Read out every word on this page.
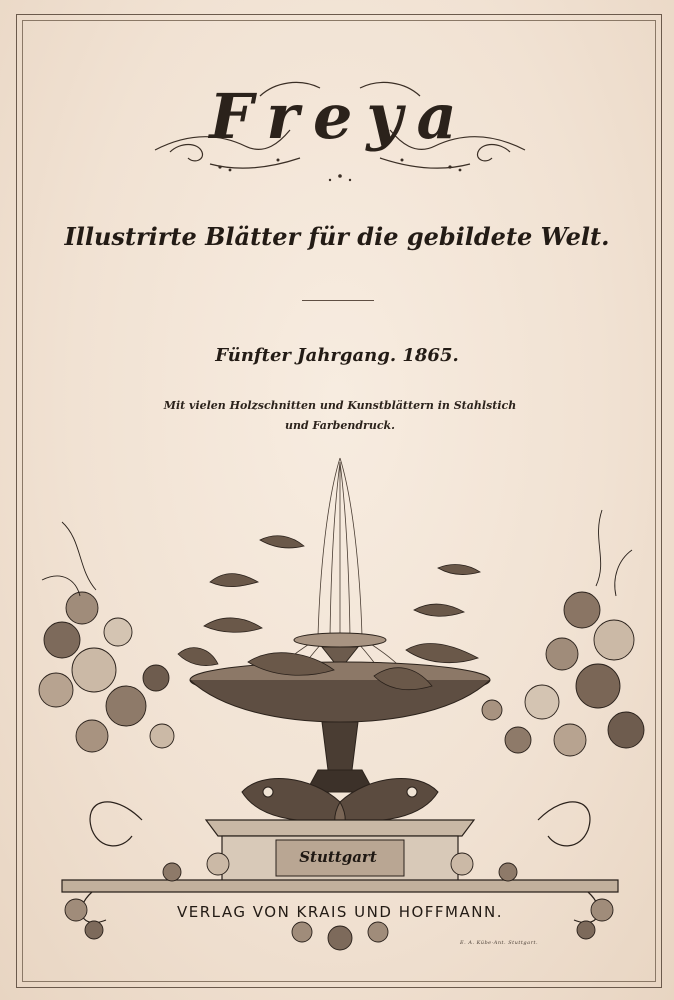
Freya
Illustrirte Blätter für die gebildete Welt.
Fünfter Jahrgang. 1865.
Mit vielen Holzschnitten und Kunstblättern in Stahlstich
und Farbendruck.
Stuttgart
VERLAG VON KRAIS UND HOFFMANN.
E. A. Kübe·Ant. Stuttgart.
